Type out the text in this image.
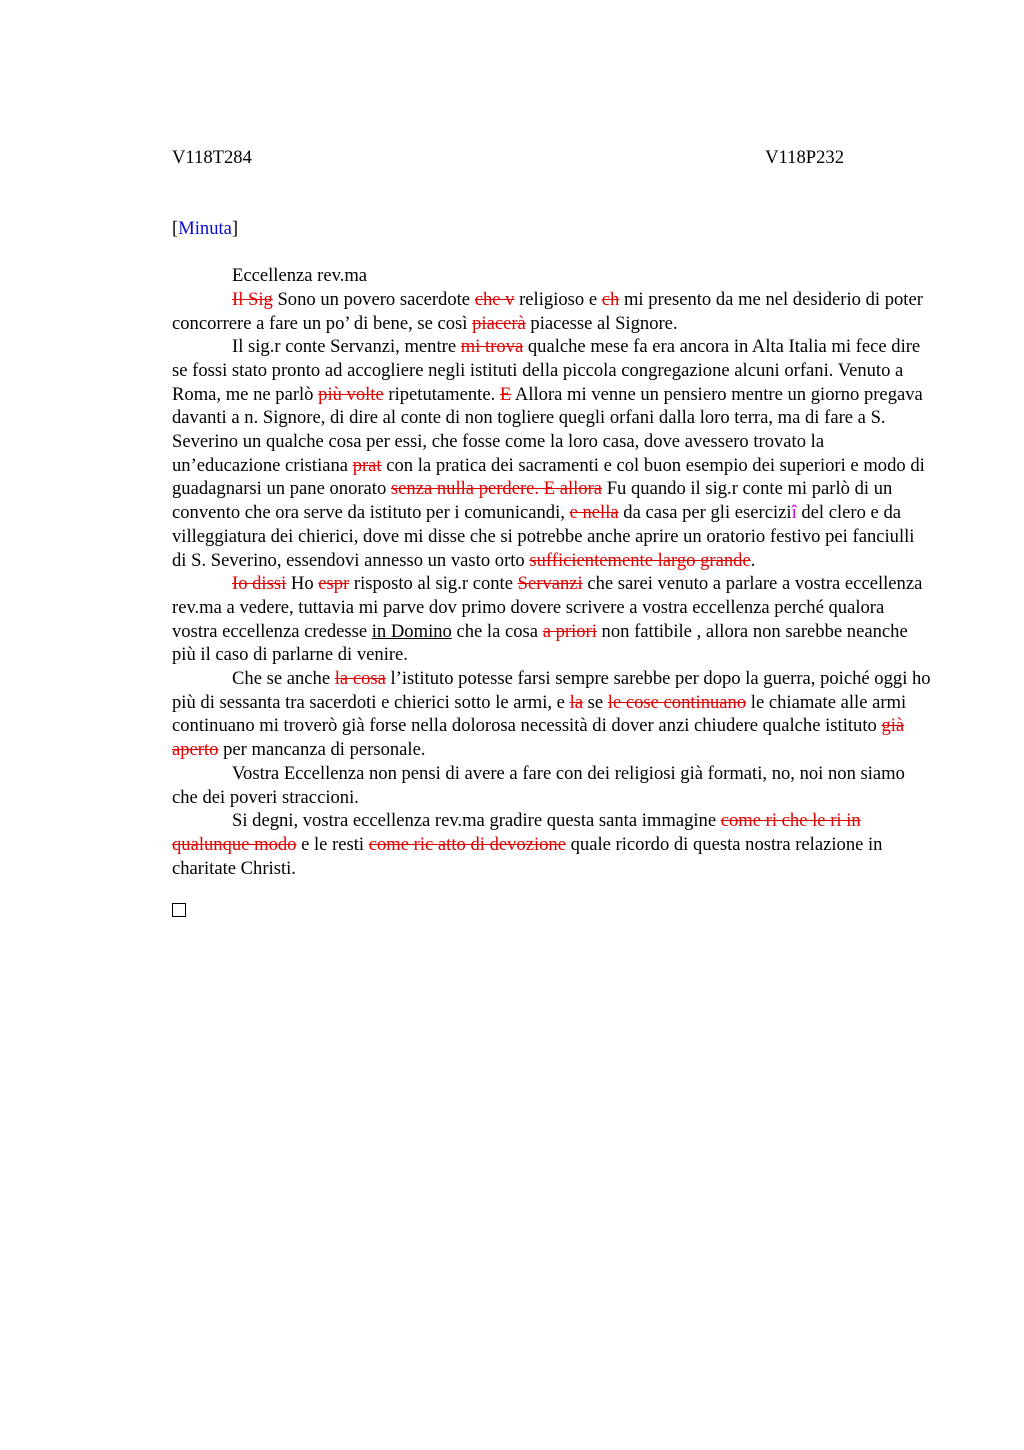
V118T284	V118P232

[Minuta]

Eccellenza rev.ma

Il Sig Sono un povero sacerdote che v religioso e ch mi presento da me nel desiderio di poter concorrere a fare un po’ di bene, se così piacerà piacesse al Signore.

Il sig.r conte Servanzi, mentre mi trova qualche mese fa era ancora in Alta Italia mi fece dire se fossi stato pronto ad accogliere negli istituti della piccola congregazione alcuni orfani. Venuto a Roma, me ne parlò più volte ripetutamente. E Allora mi venne un pensiero mentre un giorno pregava davanti a n. Signore, di dire al conte di non togliere quegli orfani dalla loro terra, ma di fare a S. Severino un qualche cosa per essi, che fosse come la loro casa, dove avessero trovato la un’educazione cristiana prat con la pratica dei sacramenti e col buon esempio dei superiori e modo di guadagnarsi un pane onorato senza nulla perdere. E allora Fu quando il sig.r conte mi parlò di un convento che ora serve da istituto per i comunicandi, e nella da casa per gli eserciziî del clero e da villeggiatura dei chierici, dove mi disse che si potrebbe anche aprire un oratorio festivo pei fanciulli di S. Severino, essendovi annesso un vasto orto sufficientemente largo grande.

Io dissi Ho espr risposto al sig.r conte Servanzi che sarei venuto a parlare a vostra eccellenza rev.ma a vedere, tuttavia mi parve dov primo dovere scrivere a vostra eccellenza perché qualora vostra eccellenza credesse in Domino che la cosa a priori non fattibile , allora non sarebbe neanche più il caso di parlarne di venire.

Che se anche la cosa l’istituto potesse farsi sempre sarebbe per dopo la guerra, poiché oggi ho più di sessanta tra sacerdoti e chierici sotto le armi, e la se le cose continuano le chiamate alle armi continuano mi troverò già forse nella dolorosa necessità di dover anzi chiudere qualche istituto già aperto per mancanza di personale.

Vostra Eccellenza non pensi di avere a fare con dei religiosi già formati, no, noi non siamo che dei poveri straccioni.

Si degni, vostra eccellenza rev.ma gradire questa santa immagine come ri che le ri in qualunque modo e le resti come ric atto di devozione quale ricordo di questa nostra relazione in charitate Christi.
